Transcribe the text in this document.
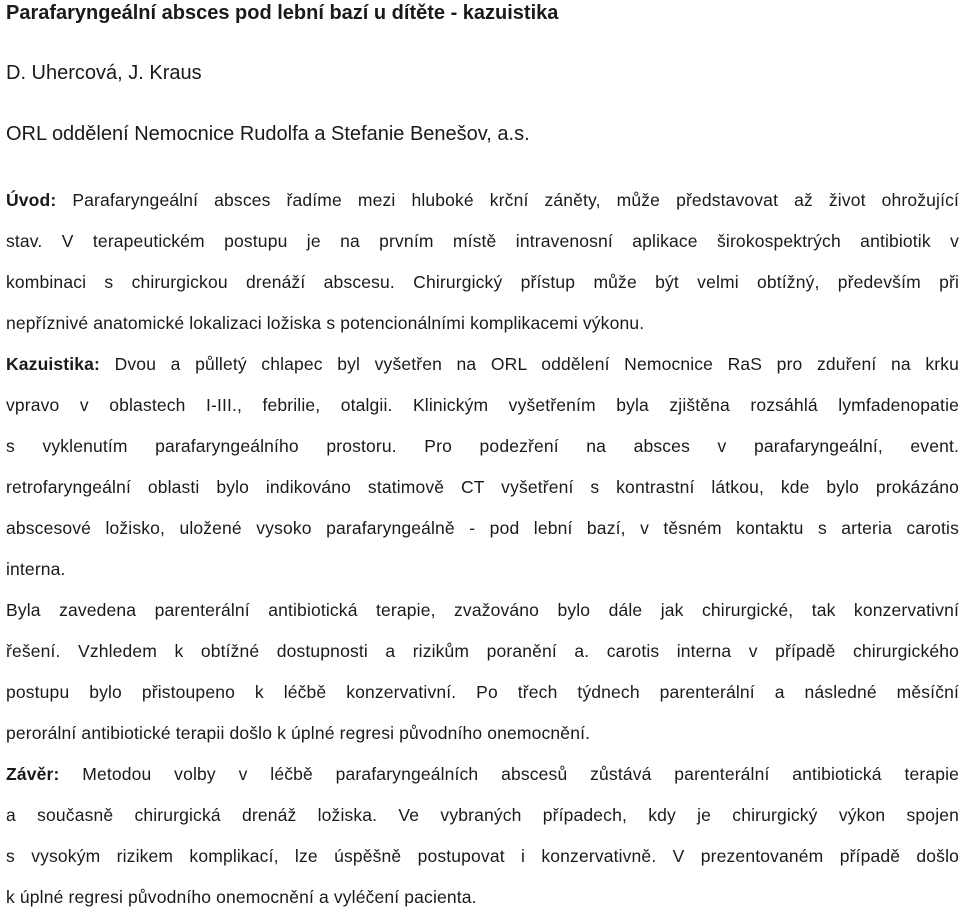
Parafaryngeální absces pod lební bazí u dítěte - kazuistika

D. Uhercová, J. Kraus

ORL oddělení Nemocnice Rudolfa a Stefanie Benešov, a.s.

Úvod: Parafaryngeální absces řadíme mezi hluboké krční záněty, může představovat až život ohrožující
stav. V terapeutickém postupu je na prvním místě intravenosní aplikace širokospektrých antibiotik v
kombinaci s chirurgickou drenáží abscesu. Chirurgický přístup může být velmi obtížný, především při
nepříznivé anatomické lokalizaci ložiska s potencionálními komplikacemi výkonu.
Kazuistika: Dvou a půlletý chlapec byl vyšetřen na ORL oddělení Nemocnice RaS pro zduření na krku
vpravo v oblastech I-III., febrilie, otalgii. Klinickým vyšetřením byla zjištěna rozsáhlá lymfadenopatie
s vyklenutím parafaryngeálního prostoru. Pro podezření na absces v parafaryngeální, event.
retrofaryngeální oblasti bylo indikováno statimově CT vyšetření s kontrastní látkou, kde bylo prokázáno
abscesové ložisko, uložené vysoko parafaryngeálně - pod lební bazí, v těsném kontaktu s arteria carotis
interna.
Byla zavedena parenterální antibiotická terapie, zvažováno bylo dále jak chirurgické, tak konzervativní
řešení. Vzhledem k obtížné dostupnosti a rizikům poranění a. carotis interna v případě chirurgického
postupu bylo přistoupeno k léčbě konzervativní. Po třech týdnech parenterální a následné měsíční
perorální antibiotické terapii došlo k úplné regresi původního onemocnění.
Závěr: Metodou volby v léčbě parafaryngeálních abscesů zůstává parenterální antibiotická terapie
a současně chirurgická drenáž ložiska. Ve vybraných případech, kdy je chirurgický výkon spojen
s vysokým rizikem komplikací, lze úspěšně postupovat i konzervativně. V prezentovaném případě došlo
k úplné regresi původního onemocnění a vyléčení pacienta.
